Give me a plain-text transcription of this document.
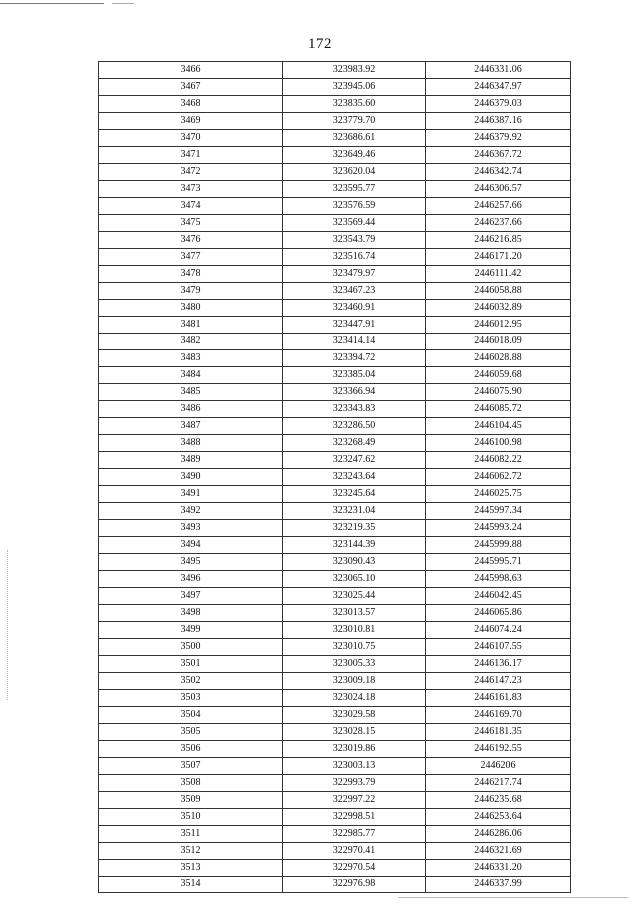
172
3466	323983.92	2446331.06
3467	323945.06	2446347.97
3468	323835.60	2446379.03
3469	323779.70	2446387.16
3470	323686.61	2446379.92
3471	323649.46	2446367.72
3472	323620.04	2446342.74
3473	323595.77	2446306.57
3474	323576.59	2446257.66
3475	323569.44	2446237.66
3476	323543.79	2446216.85
3477	323516.74	2446171.20
3478	323479.97	2446111.42
3479	323467.23	2446058.88
3480	323460.91	2446032.89
3481	323447.91	2446012.95
3482	323414.14	2446018.09
3483	323394.72	2446028.88
3484	323385.04	2446059.68
3485	323366.94	2446075.90
3486	323343.83	2446085.72
3487	323286.50	2446104.45
3488	323268.49	2446100.98
3489	323247.62	2446082.22
3490	323243.64	2446062.72
3491	323245.64	2446025.75
3492	323231.04	2445997.34
3493	323219.35	2445993.24
3494	323144.39	2445999.88
3495	323090.43	2445995.71
3496	323065.10	2445998.63
3497	323025.44	2446042.45
3498	323013.57	2446065.86
3499	323010.81	2446074.24
3500	323010.75	2446107.55
3501	323005.33	2446136.17
3502	323009.18	2446147.23
3503	323024.18	2446161.83
3504	323029.58	2446169.70
3505	323028.15	2446181.35
3506	323019.86	2446192.55
3507	323003.13	2446206
3508	322993.79	2446217.74
3509	322997.22	2446235.68
3510	322998.51	2446253.64
3511	322985.77	2446286.06
3512	322970.41	2446321.69
3513	322970.54	2446331.20
3514	322976.98	2446337.99
